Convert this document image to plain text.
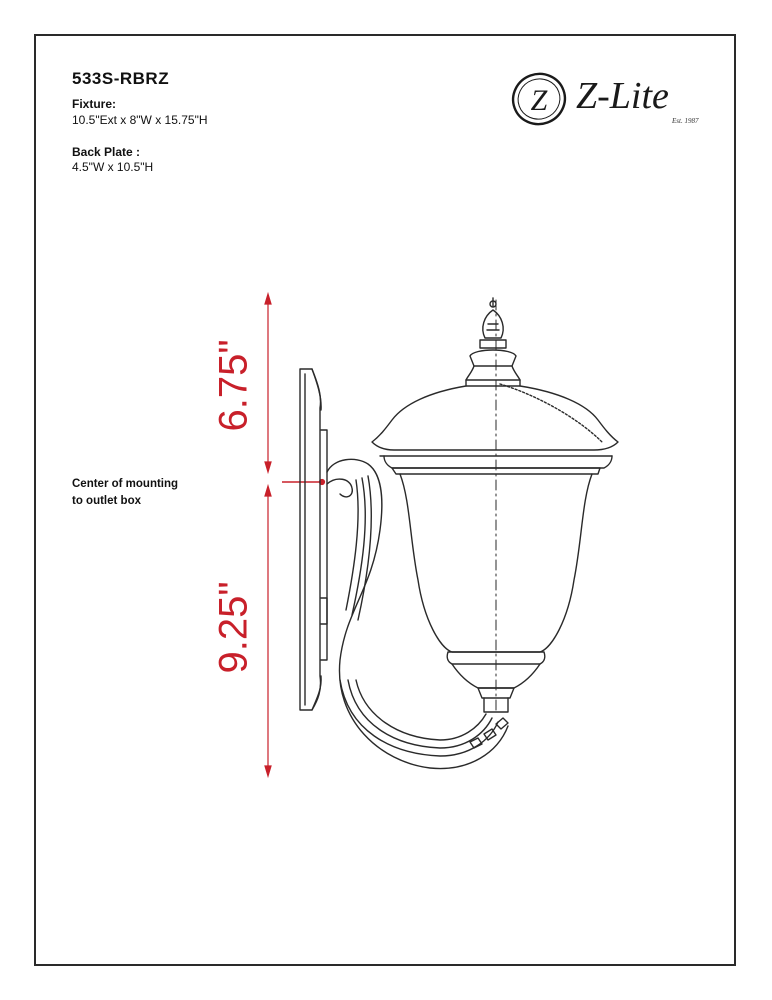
533S-RBRZ
Fixture:
10.5"Ext x 8"W x 15.75"H
Back Plate :
4.5"W x 10.5"H
Center of mounting
to outlet box
Z Z-Lite
Est. 1987
6.75"
9.25"
